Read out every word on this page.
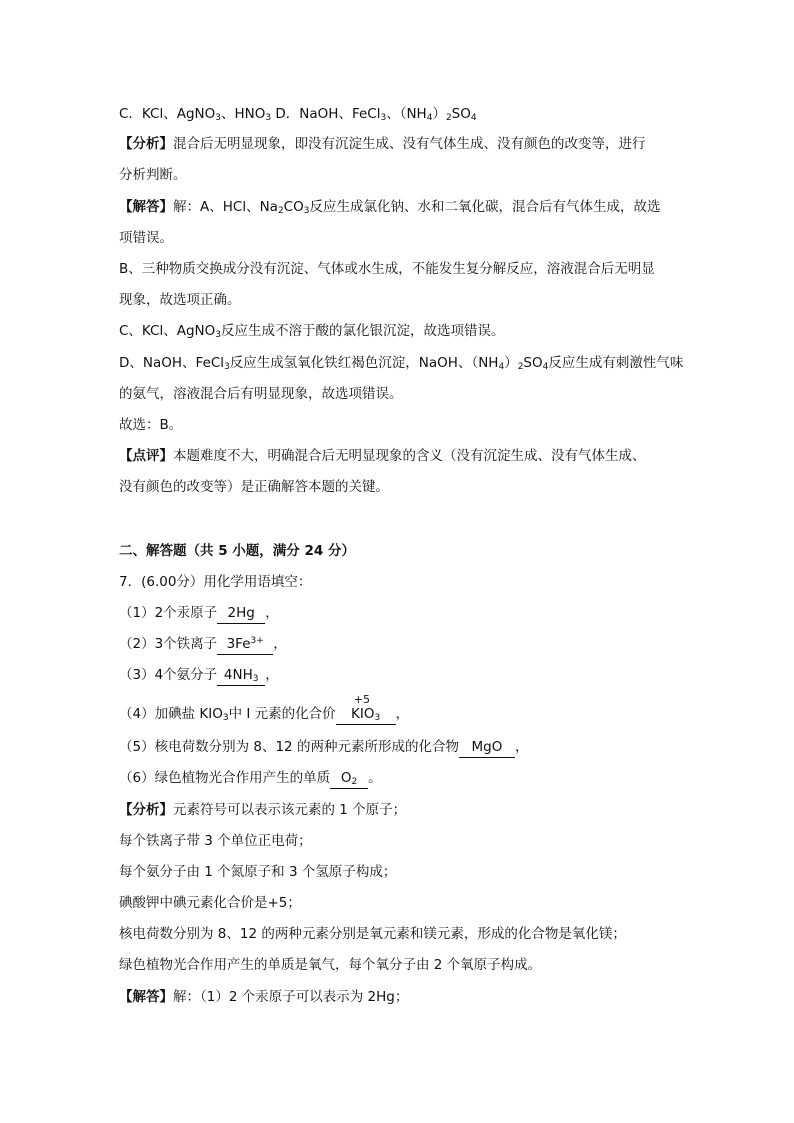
C．KCl、AgNO$_3$、$HNO_3$ D．NaOH、FeCl$_3$、$(NH_4)_2SO_4$
【分析】混合后无明显现象，即没有沉淀生成、没有气体生成、没有颜色的改变等，进行
分析判断。
【解答】解：A、HCl、$Na_2CO_3$反应生成氯化钠、水和二氧化碳，混合后有气体生成，故选
项错误。
B、三种物质交换成分没有沉淀、气体或水生成，不能发生复分解反应，溶液混合后无明显
现象，故选项正确。
C、KCl、AgNO$_3$反应生成不溶于酸的氯化银沉淀，故选项错误。
D、NaOH、FeCl$_3$反应生成氢氧化铁红褐色沉淀，NaOH、$(NH_4)_2SO_4$反应生成有刺激性气味
的氨气，溶液混合后有明显现象，故选项错误。
故选：B。
【点评】本题难度不大，明确混合后无明显现象的含义（没有沉淀生成、没有气体生成、
没有颜色的改变等）是正确解答本题的关键。
二、解答题（共 5 小题，满分 24 分）
7．(6.00分）用化学用语填空：
（1）2个汞原子 2Hg ，
（2）3个铁离子 $3Fe^{3+}$ ，
（3）4个氨分子 $4NH_3$ ，
（4）加碘盐 $KIO_3$中 I 元素的化合价 K
+5
$IO_3$ ，
（5）核电荷数分别为 8、12 的两种元素所形成的化合物 MgO ，
（6）绿色植物光合作用产生的单质 $O_2$ 。
【分析】元素符号可以表示该元素的 1 个原子；
每个铁离子带 3 个单位正电荷；
每个氨分子由 1 个氮原子和 3 个氢原子构成；
碘酸钾中碘元素化合价是+5；
核电荷数分别为 8、12 的两种元素分别是氧元素和镁元素，形成的化合物是氧化镁；
绿色植物光合作用产生的单质是氧气，每个氧分子由 2 个氧原子构成。
【解答】解：（1）2 个汞原子可以表示为 2Hg；
